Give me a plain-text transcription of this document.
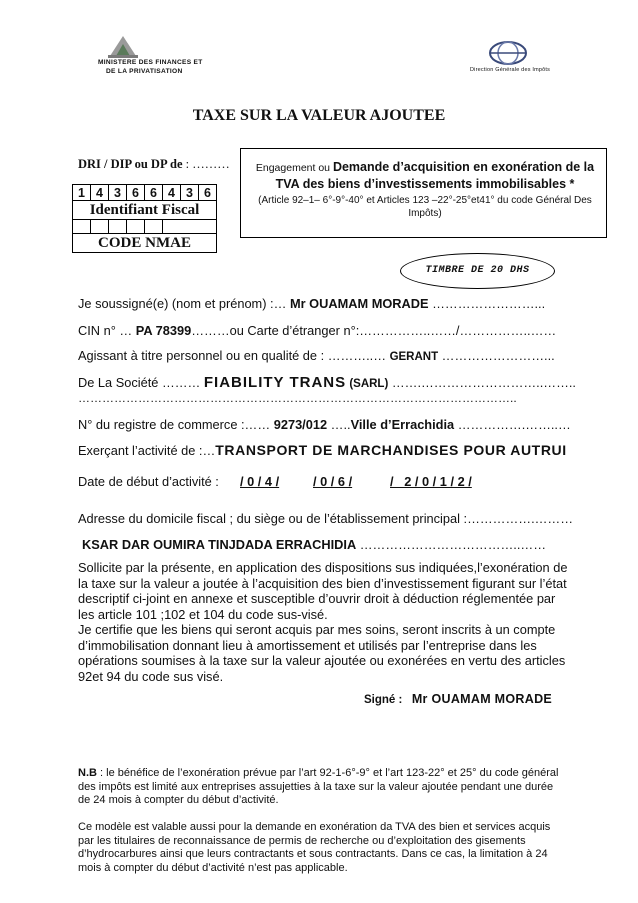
MINISTERE DES FINANCES ET
DE LA PRIVATISATION	Direction Générale des Impôts
TAXE SUR LA VALEUR AJOUTEE
DRI / DIP ou DP de : ………
1	4	3	6	6	4	3	6
Identifiant Fiscal							

CODE NMAE							
Engagement ou Demande d’acquisition en exonération de la TVA des biens d’investissements immobilisables *
(Article 92–1– 6°-9°-40° et Articles 123 –22°-25°et41° du code Général Des Impôts)
TIMBRE DE 20 DHS
Je soussigné(e) (nom et prénom) :… Mr OUAMAM MORADE ……………………...
CIN n° … PA 78399………ou Carte d’étranger n°:……………..……/……………..……
Agissant à titre personnel ou en qualité de : ………..… GERANT ……………………...
De La Société ……… FIABILITY TRANS (SARL) …….………………………..……..
………………………………………………………………………………………………..
N° du registre de commerce :…… 9273/012 …..Ville d’Errachidia …………….……..…
Exerçant l’activité de :…TRANSPORT DE MARCHANDISES POUR AUTRUI
Date de début d’activité : / 0 / 4 /	/ 0 / 6 /	/   2 / 0 / 1 / 2 /
Adresse du domicile fiscal ; du siège ou de l’établissement principal :…………….………
KSAR DAR OUMIRA TINJDADA ERRACHIDIA ………………………………..……
Sollicite par la présente, en application des dispositions sus indiquées,l’exonération de la taxe sur la valeur a joutée à l’acquisition des bien d’investissement figurant sur l’état descriptif ci-joint en annexe et susceptible d’ouvrir droit à déduction réglementée par les article 101 ;102 et 104 du code sus-visé.
Je certifie que les biens qui seront acquis par mes soins, seront inscrits à un compte d’immobilisation donnant lieu à amortissement et utilisés par l’entreprise dans les opérations soumises à la taxe sur la valeur ajoutée ou exonérées en vertu des articles 92et 94 du code sus visé.
Signé : Mr OUAMAM MORADE
N.B : le bénéfice de l’exonération prévue par l’art 92-1-6°-9° et l’art 123-22° et 25° du code général des impôts est limité aux entreprises assujetties à la taxe sur la valeur ajoutée pendant une durée de 24 mois à compter du début d’activité.
Ce modèle est valable aussi pour la demande en exonération da TVA des bien et services acquis par les titulaires de reconnaissance de permis de recherche ou d’exploitation des gisements d’hydrocarbures ainsi que leurs contractants et sous contractants. Dans ce cas, la limitation à 24 mois à compter du début d’activité n’est pas applicable.
